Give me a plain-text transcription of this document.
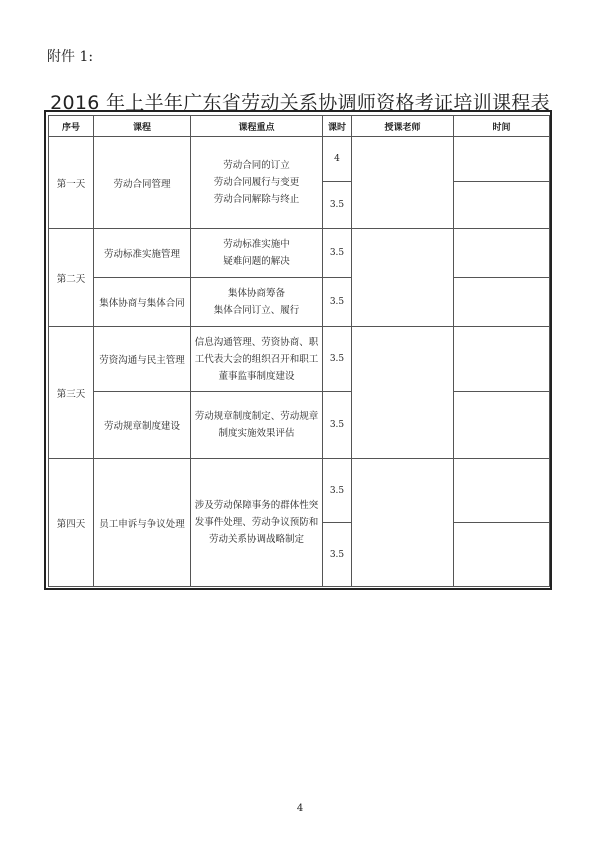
附件 1:
2016 年上半年广东省劳动关系协调师资格考证培训课程表
序号	课程	课程重点	课时	授课老师	时间
第一天	劳动合同管理	劳动合同的订立
劳动合同履行与变更
劳动合同解除与终止	4		
			3.5		
第二天	劳动标准实施管理	劳动标准实施中
疑难问题的解决	3.5		
	集体协商与集体合同	集体协商筹备
集体合同订立、履行	3.5		
第三天	劳资沟通与民主管理	信息沟通管理、劳资协商、职
工代表大会的组织召开和职工
董事监事制度建设	3.5		
	劳动规章制度建设	劳动规章制度制定、劳动规章
制度实施效果评估	3.5		
第四天	员工申诉与争议处理	涉及劳动保障事务的群体性突
发事件处理、劳动争议预防和
劳动关系协调战略制定	3.5		
			3.5		
4
